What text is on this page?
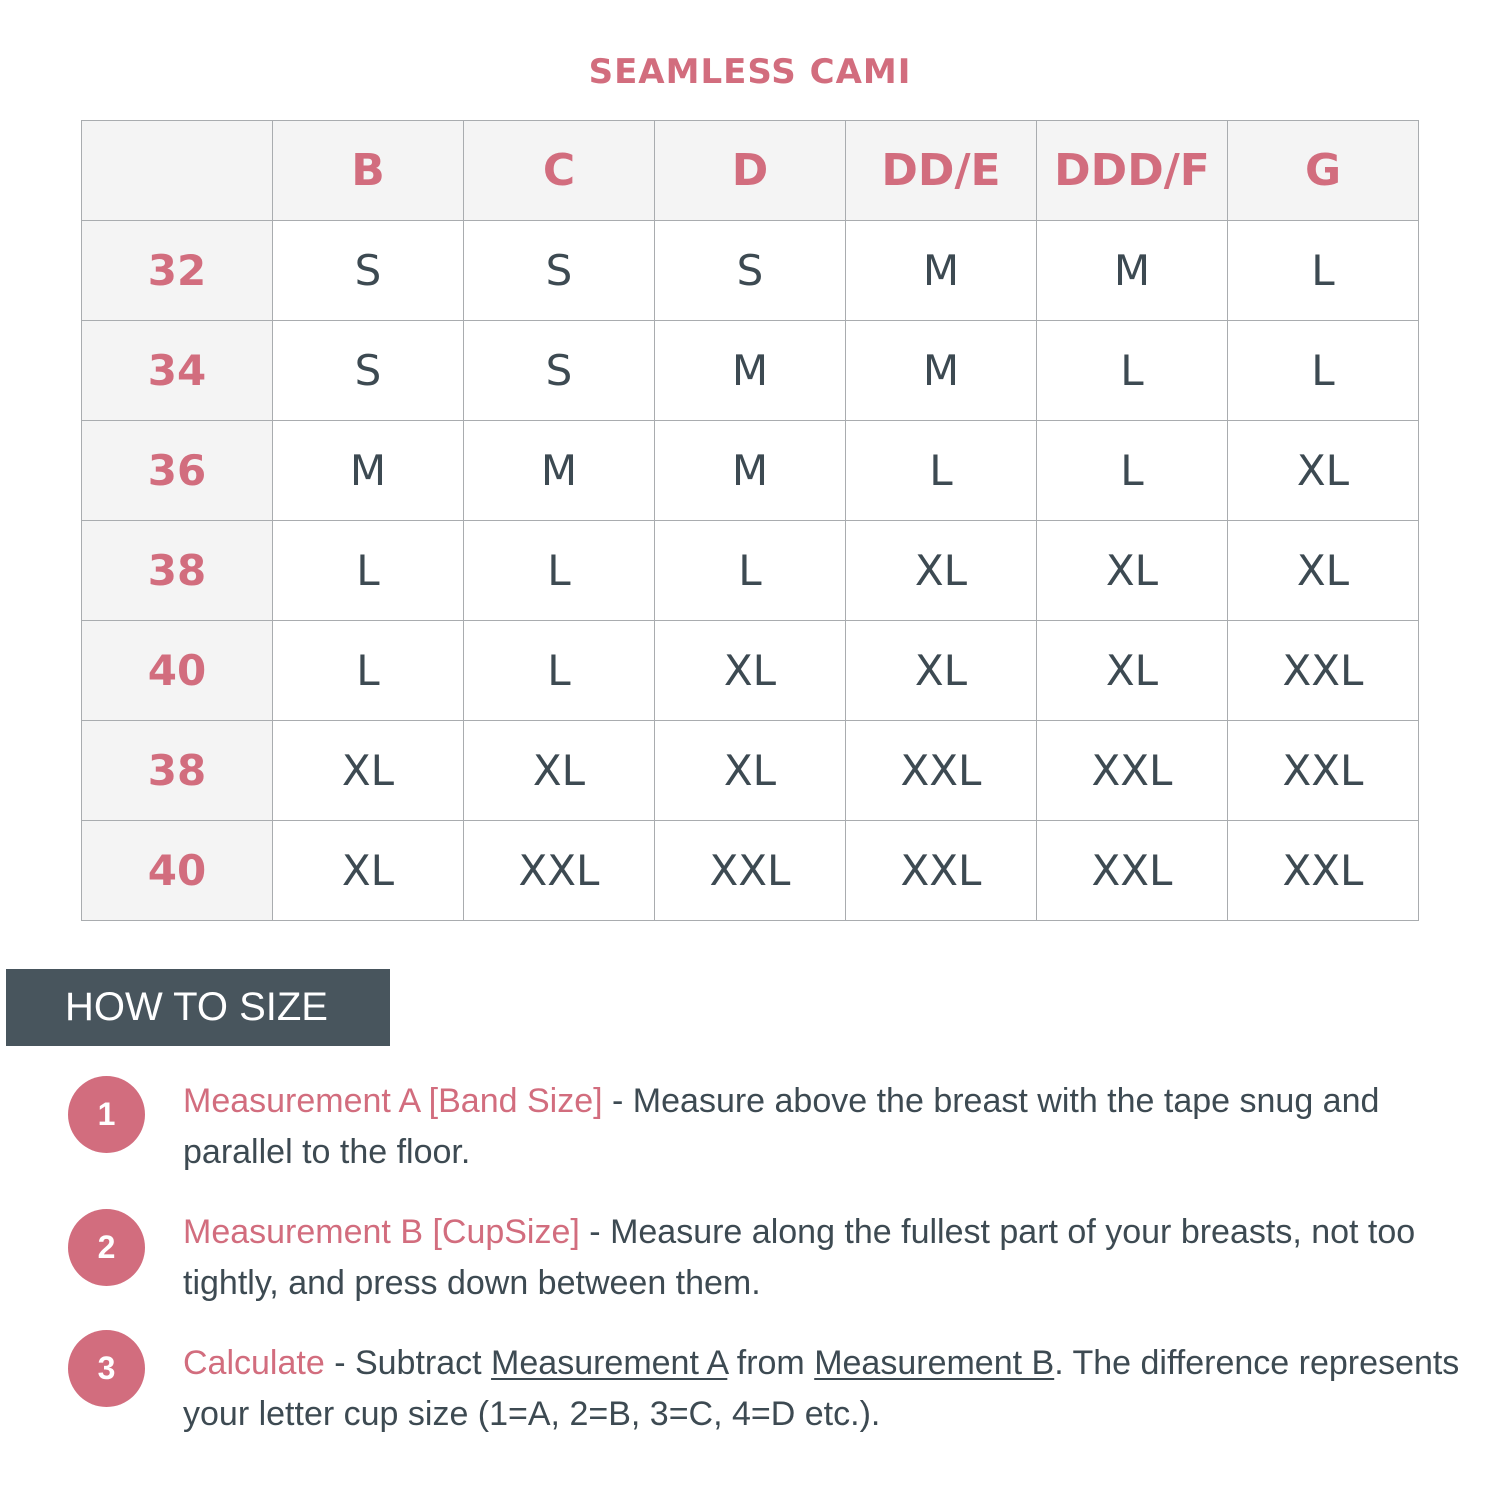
SEAMLESS CAMI
	B	C	D	DD/E	DDD/F	G
32	S	S	S	M	M	L
34	S	S	M	M	L	L
36	M	M	M	L	L	XL
38	L	L	L	XL	XL	XL
40	L	L	XL	XL	XL	XXL
38	XL	XL	XL	XXL	XXL	XXL
40	XL	XXL	XXL	XXL	XXL	XXL
HOW TO SIZE
1	Measurement A [Band Size] - Measure above the breast with the tape snug and parallel to the floor.
2	Measurement B [CupSize] - Measure along the fullest part of your breasts, not too tightly, and press down between them.
3	Calculate - Subtract Measurement A from Measurement B. The difference represents your letter cup size (1=A, 2=B, 3=C, 4=D etc.).
